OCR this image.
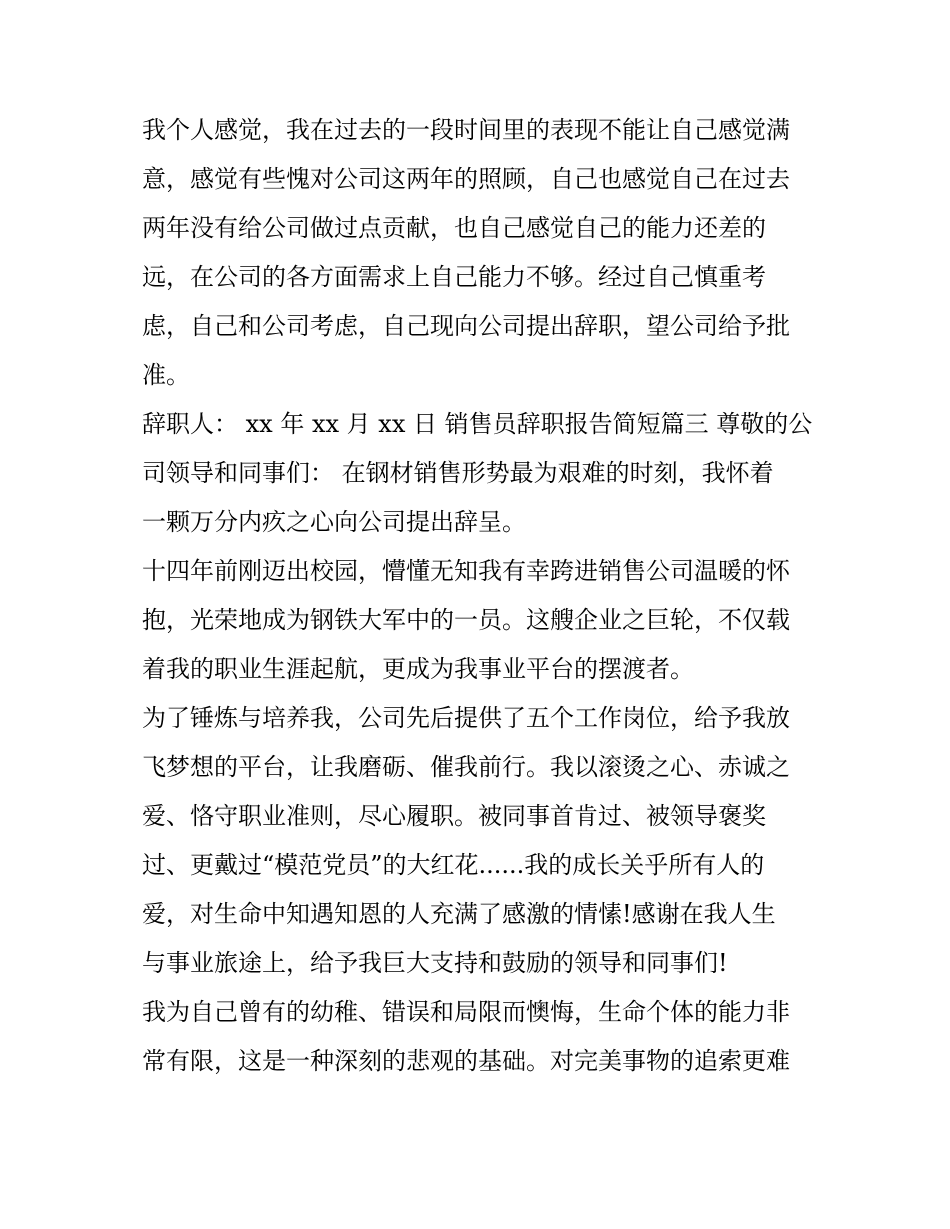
我个人感觉，我在过去的一段时间里的表现不能让自己感觉满
意，感觉有些愧对公司这两年的照顾，自己也感觉自己在过去
两年没有给公司做过点贡献，也自己感觉自己的能力还差的
远，在公司的各方面需求上自己能力不够。经过自己慎重考
虑，自己和公司考虑，自己现向公司提出辞职，望公司给予批
准。
辞职人： xx 年 xx 月 xx 日 销售员辞职报告简短篇三 尊敬的公
司领导和同事们： 在钢材销售形势最为艰难的时刻，我怀着
一颗万分内疚之心向公司提出辞呈。
十四年前刚迈出校园，懵懂无知我有幸跨进销售公司温暖的怀
抱，光荣地成为钢铁大军中的一员。这艘企业之巨轮，不仅载
着我的职业生涯起航，更成为我事业平台的摆渡者。
为了锤炼与培养我，公司先后提供了五个工作岗位，给予我放
飞梦想的平台，让我磨砺、催我前行。我以滚烫之心、赤诚之
爱、恪守职业准则，尽心履职。被同事首肯过、被领导褒奖
过、更戴过“模范党员”的大红花......我的成长关乎所有人的
爱，对生命中知遇知恩的人充满了感激的情愫!感谢在我人生
与事业旅途上，给予我巨大支持和鼓励的领导和同事们!
我为自己曾有的幼稚、错误和局限而懊悔，生命个体的能力非
常有限，这是一种深刻的悲观的基础。对完美事物的追索更难
